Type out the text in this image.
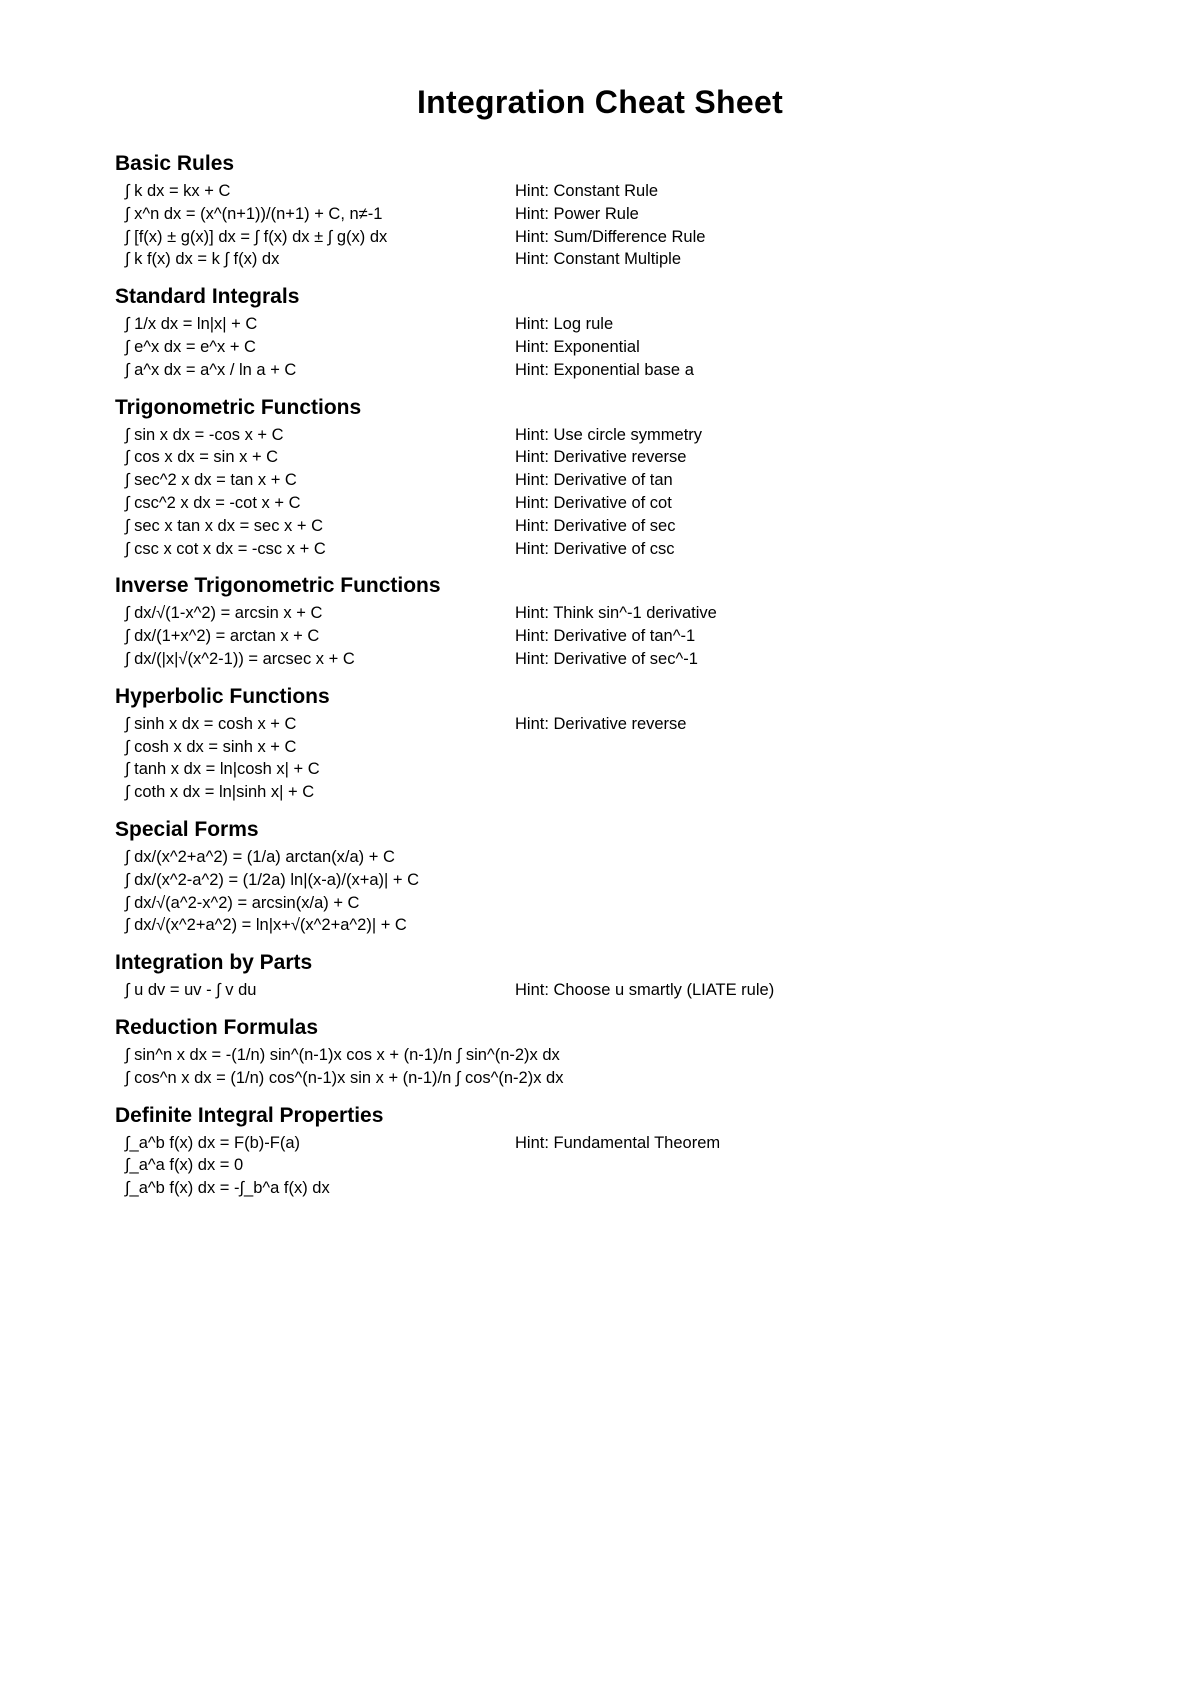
Integration Cheat Sheet
Basic Rules
∫ k dx = kx + C	Hint: Constant Rule
∫ x^n dx = (x^(n+1))/(n+1) + C, n≠-1	Hint: Power Rule
∫ [f(x) ± g(x)] dx = ∫ f(x) dx ± ∫ g(x) dx	Hint: Sum/Difference Rule
∫ k f(x) dx = k ∫ f(x) dx	Hint: Constant Multiple
Standard Integrals
∫ 1/x dx = ln|x| + C	Hint: Log rule
∫ e^x dx = e^x + C	Hint: Exponential
∫ a^x dx = a^x / ln a + C	Hint: Exponential base a
Trigonometric Functions
∫ sin x dx = -cos x + C	Hint: Use circle symmetry
∫ cos x dx = sin x + C	Hint: Derivative reverse
∫ sec^2 x dx = tan x + C	Hint: Derivative of tan
∫ csc^2 x dx = -cot x + C	Hint: Derivative of cot
∫ sec x tan x dx = sec x + C	Hint: Derivative of sec
∫ csc x cot x dx = -csc x + C	Hint: Derivative of csc
Inverse Trigonometric Functions
∫ dx/√(1-x^2) = arcsin x + C	Hint: Think sin^-1 derivative
∫ dx/(1+x^2) = arctan x + C	Hint: Derivative of tan^-1
∫ dx/(|x|√(x^2-1)) = arcsec x + C	Hint: Derivative of sec^-1
Hyperbolic Functions
∫ sinh x dx = cosh x + C	Hint: Derivative reverse
∫ cosh x dx = sinh x + C
∫ tanh x dx = ln|cosh x| + C
∫ coth x dx = ln|sinh x| + C
Special Forms
∫ dx/(x^2+a^2) = (1/a) arctan(x/a) + C
∫ dx/(x^2-a^2) = (1/2a) ln|(x-a)/(x+a)| + C
∫ dx/√(a^2-x^2) = arcsin(x/a) + C
∫ dx/√(x^2+a^2) = ln|x+√(x^2+a^2)| + C
Integration by Parts
∫ u dv = uv - ∫ v du	Hint: Choose u smartly (LIATE rule)
Reduction Formulas
∫ sin^n x dx = -(1/n) sin^(n-1)x cos x + (n-1)/n ∫ sin^(n-2)x dx
∫ cos^n x dx = (1/n) cos^(n-1)x sin x + (n-1)/n ∫ cos^(n-2)x dx
Definite Integral Properties
∫_a^b f(x) dx = F(b)-F(a)	Hint: Fundamental Theorem
∫_a^a f(x) dx = 0
∫_a^b f(x) dx = -∫_b^a f(x) dx
